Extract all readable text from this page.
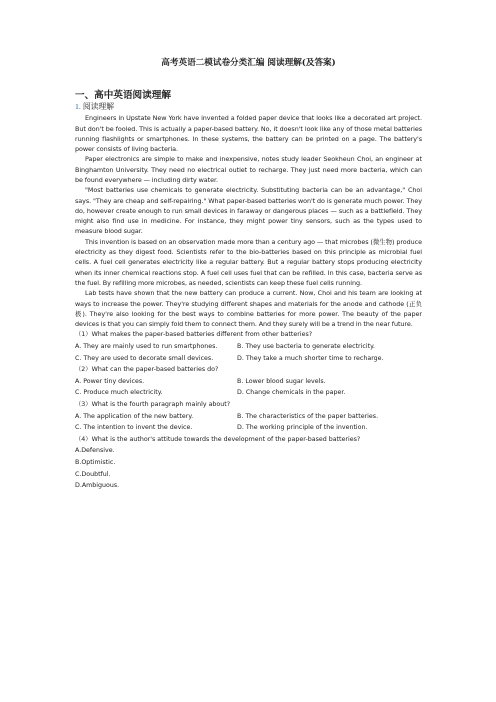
高考英语二模试卷分类汇编 阅读理解(及答案)
一、高中英语阅读理解
1. 阅读理解

Engineers in Upstate New York have invented a folded paper device that looks like a decorated art project. But don't be fooled. This is actually a paper-based battery. No, it doesn't look like any of those metal batteries running flashlights or smartphones. In these systems, the battery can be printed on a page. The battery's power consists of living bacteria.

Paper electronics are simple to make and inexpensive, notes study leader Seokheun Choi, an engineer at Binghamton University. They need no electrical outlet to recharge. They just need more bacteria, which can be found everywhere — including dirty water.

"Most batteries use chemicals to generate electricity. Substituting bacteria can be an advantage," Choi says. "They are cheap and self-repairing." What paper-based batteries won't do is generate much power. They do, however create enough to run small devices in faraway or dangerous places — such as a battlefield. They might also find use in medicine. For instance, they might power tiny sensors, such as the types used to measure blood sugar.

This invention is based on an observation made more than a century ago — that microbes (微生物) produce electricity as they digest food. Scientists refer to the bio-batteries based on this principle as microbial fuel cells. A fuel cell generates electricity like a regular battery. But a regular battery stops producing electricity when its inner chemical reactions stop. A fuel cell uses fuel that can be refilled. In this case, bacteria serve as the fuel. By refilling more microbes, as needed, scientists can keep these fuel cells running.

Lab tests have shown that the new battery can produce a current. Now, Choi and his team are looking at ways to increase the power. They're studying different shapes and materials for the anode and cathode (正负极). They're also looking for the best ways to combine batteries for more power. The beauty of the paper devices is that you can simply fold them to connect them. And they surely will be a trend in the near future.

（1）What makes the paper-based batteries different from other batteries?

A. They are mainly used to run smartphones.	B. They use bacteria to generate electricity.
C. They are used to decorate small devices.	D. They take a much shorter time to recharge.

（2）What can the paper-based batteries do?

A. Power tiny devices.	B. Lower blood sugar levels.
C. Produce much electricity.	D. Change chemicals in the paper.

（3）What is the fourth paragraph mainly about?

A. The application of the new battery.	B. The characteristics of the paper batteries.
C. The intention to invent the device.	D. The working principle of the invention.

（4）What is the author's attitude towards the development of the paper-based batteries?

A.Defensive.

B.Optimistic.

C.Doubtful.

D.Ambiguous.
